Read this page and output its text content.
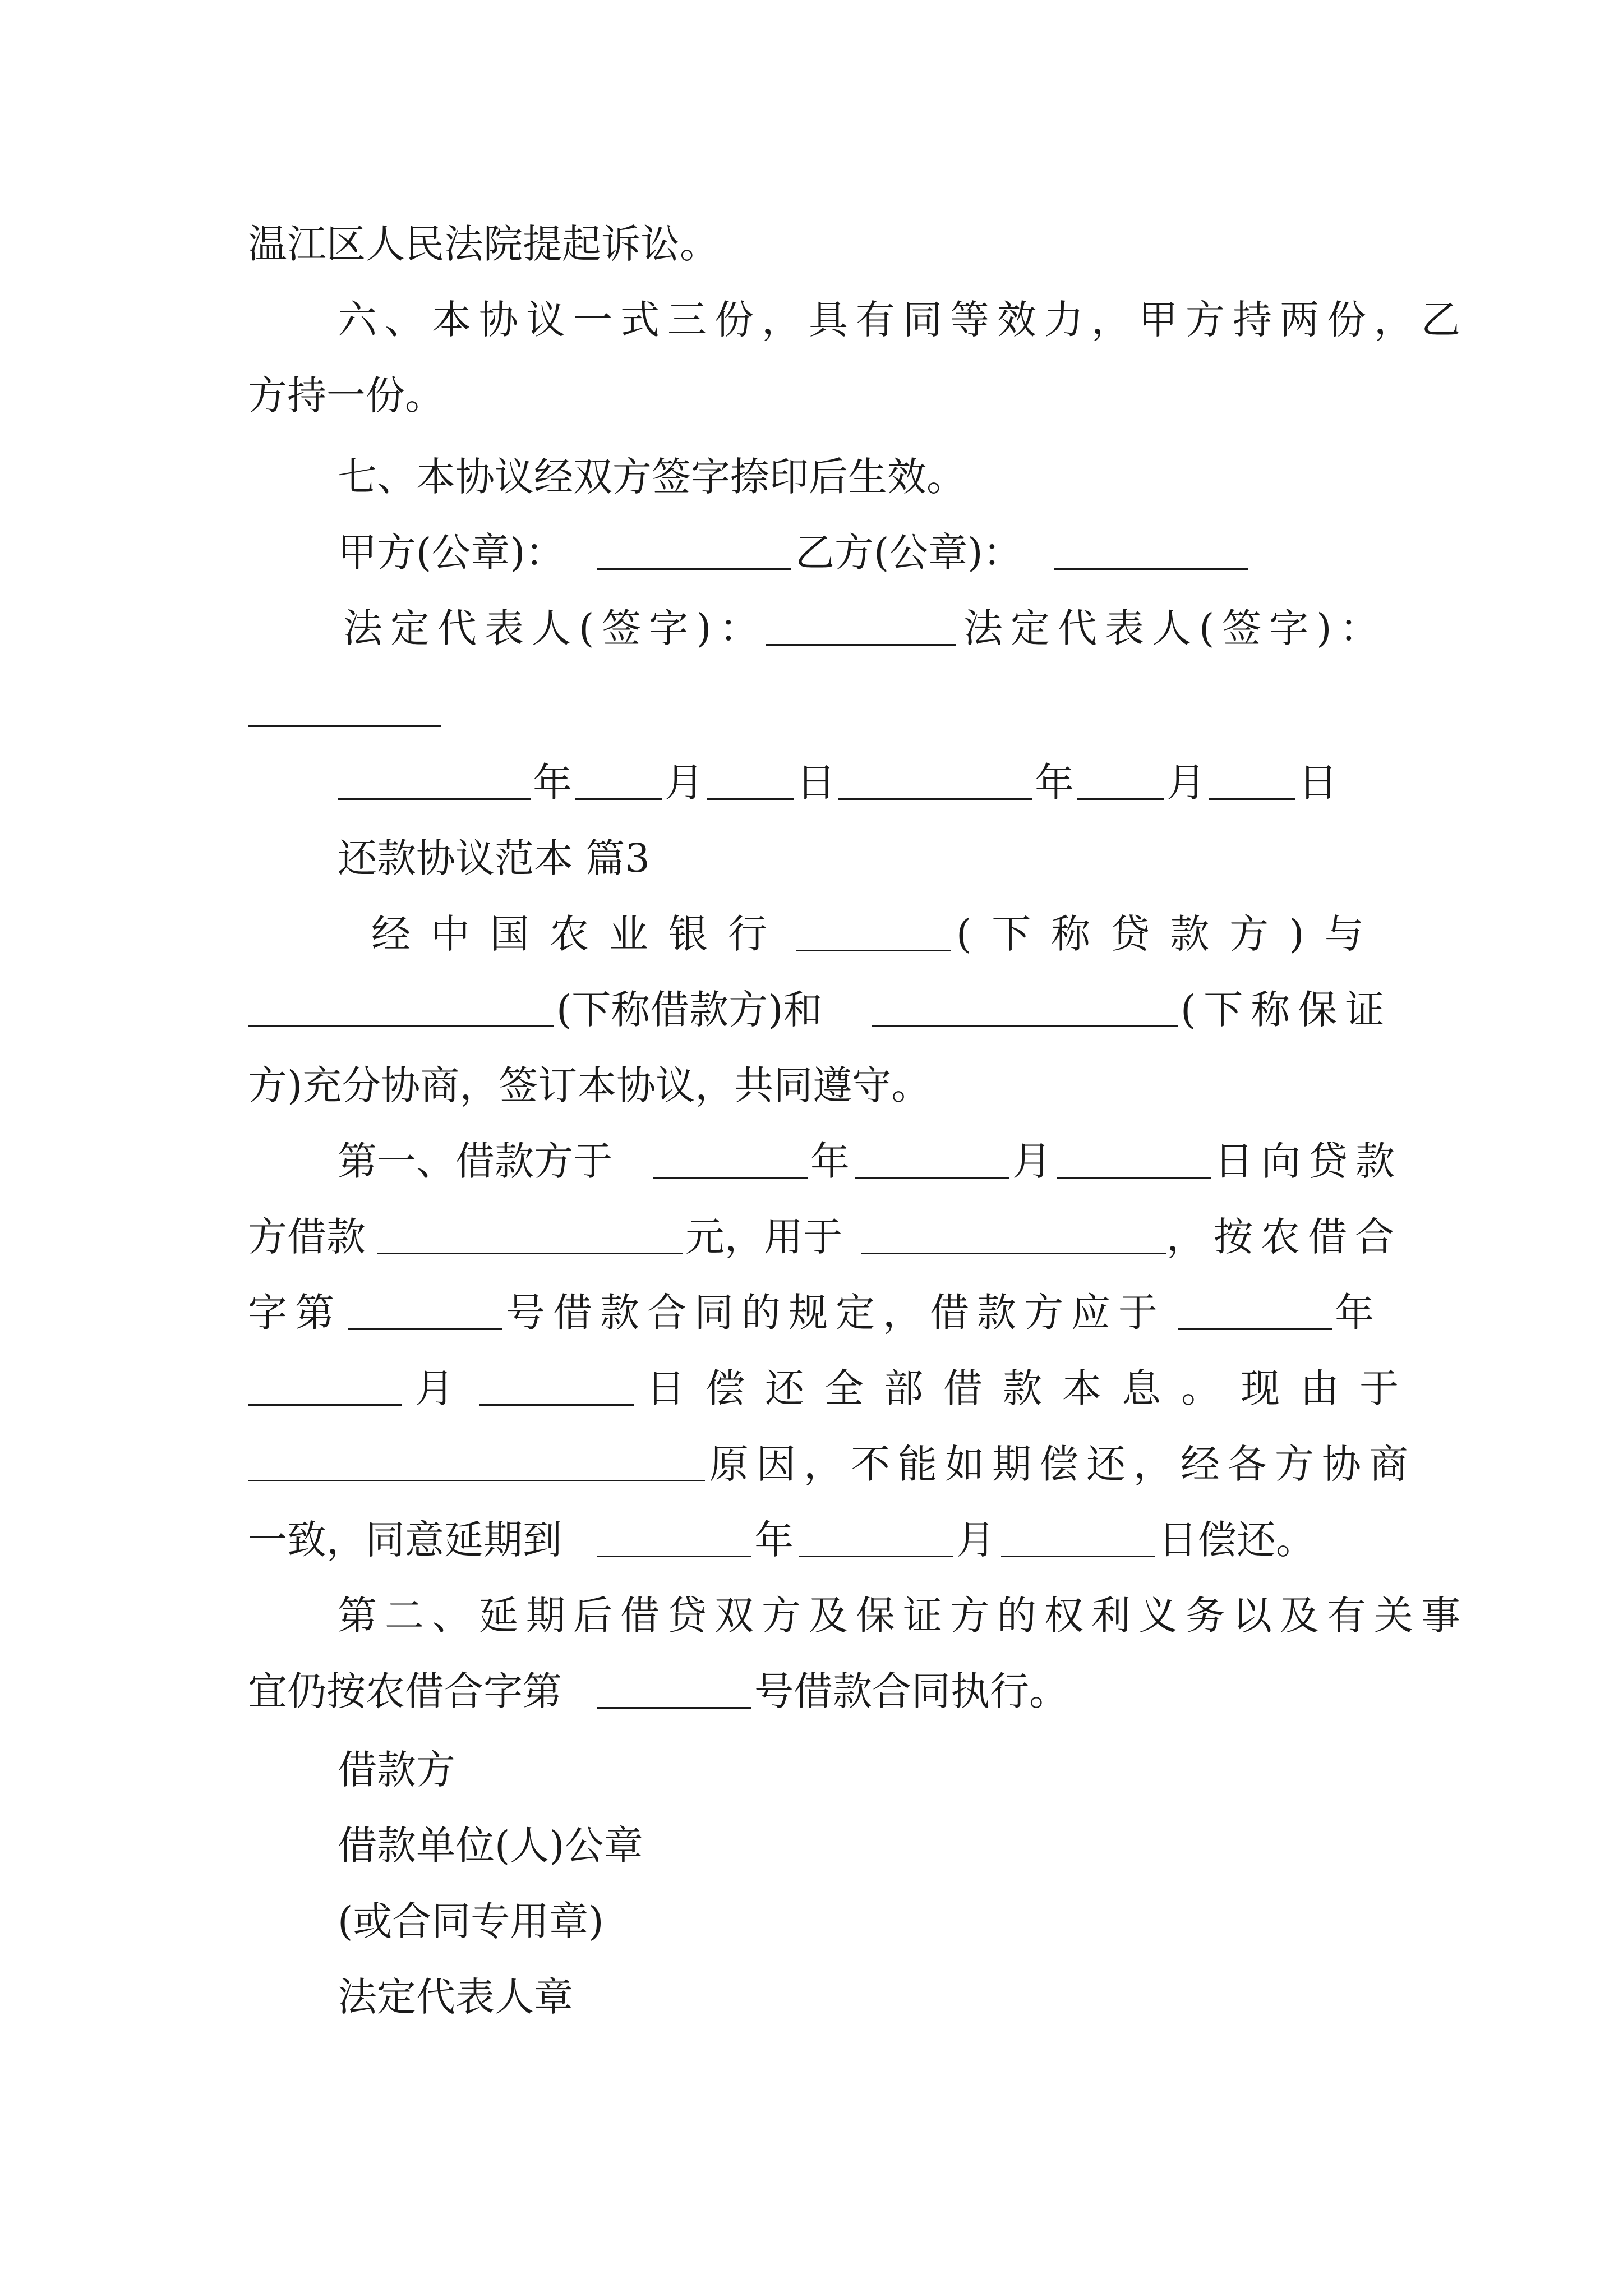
温江区人民法院提起诉讼。
六、本协议一式三份，具有同等效力，甲方持两份，乙
方持一份。
七、本协议经双方签字捺印后生效。
甲方(公章)：	乙方(公章)：
法定代表人(签字)：	法定代表人(签字)：
年 月 日	年 月 日
还款协议范本 篇3
经中国农业银行	(下称贷款方)与
(下称借款方)和	(下称保证
方)充分协商，签订本协议，共同遵守。
第一、借款方于	年	月	日向贷款
方借款	元，用于	，按农借合
字第	号借款合同的规定，借款方应于	年
月	日偿还全部借款本息。现由于
原因，不能如期偿还，经各方协商
一致，同意延期到	年	月	日偿还。
第二、延期后借贷双方及保证方的权利义务以及有关事
宜仍按农借合字第	号借款合同执行。
借款方
借款单位(人)公章
(或合同专用章)
法定代表人章
